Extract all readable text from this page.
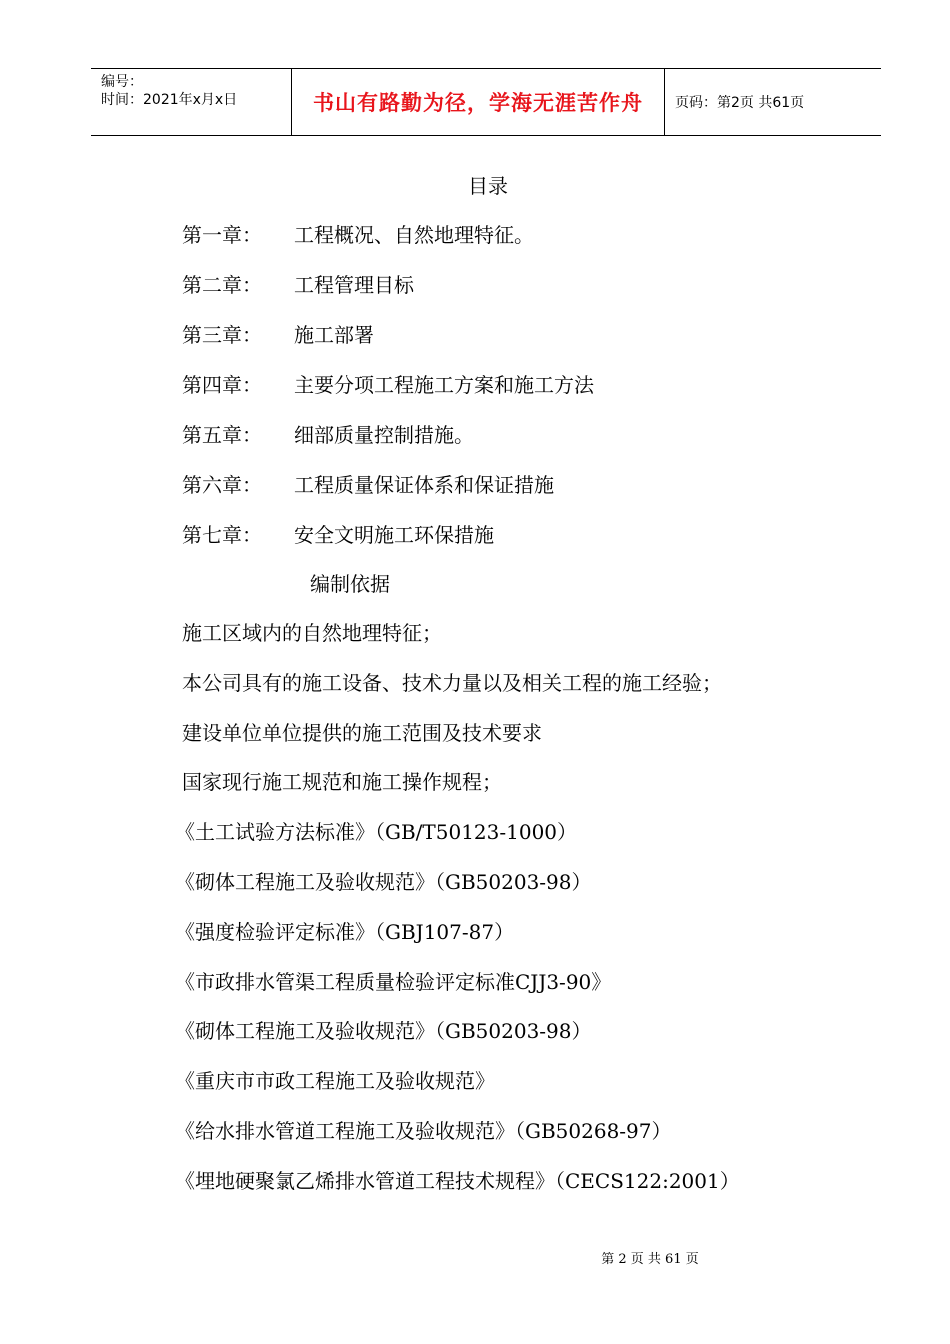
编号：
时间：2021年x月x日	书山有路勤为径，学海无涯苦作舟	页码：第2页 共61页
目录
第一章： 工程概况、自然地理特征。
第二章： 工程管理目标
第三章： 施工部署
第四章： 主要分项工程施工方案和施工方法
第五章： 细部质量控制措施。
第六章： 工程质量保证体系和保证措施
第七章： 安全文明施工环保措施
编制依据
施工区域内的自然地理特征；
本公司具有的施工设备、技术力量以及相关工程的施工经验；
建设单位单位提供的施工范围及技术要求
国家现行施工规范和施工操作规程；
《土工试验方法标准》（GB/T50123-1000）
《砌体工程施工及验收规范》（GB50203-98）
《强度检验评定标准》（GBJ107-87）
《市政排水管渠工程质量检验评定标准CJJ3-90》
《砌体工程施工及验收规范》（GB50203-98）
《重庆市市政工程施工及验收规范》
《给水排水管道工程施工及验收规范》（GB50268-97）
《埋地硬聚氯乙烯排水管道工程技术规程》（CECS122:2001）
第 2 页 共 61 页
